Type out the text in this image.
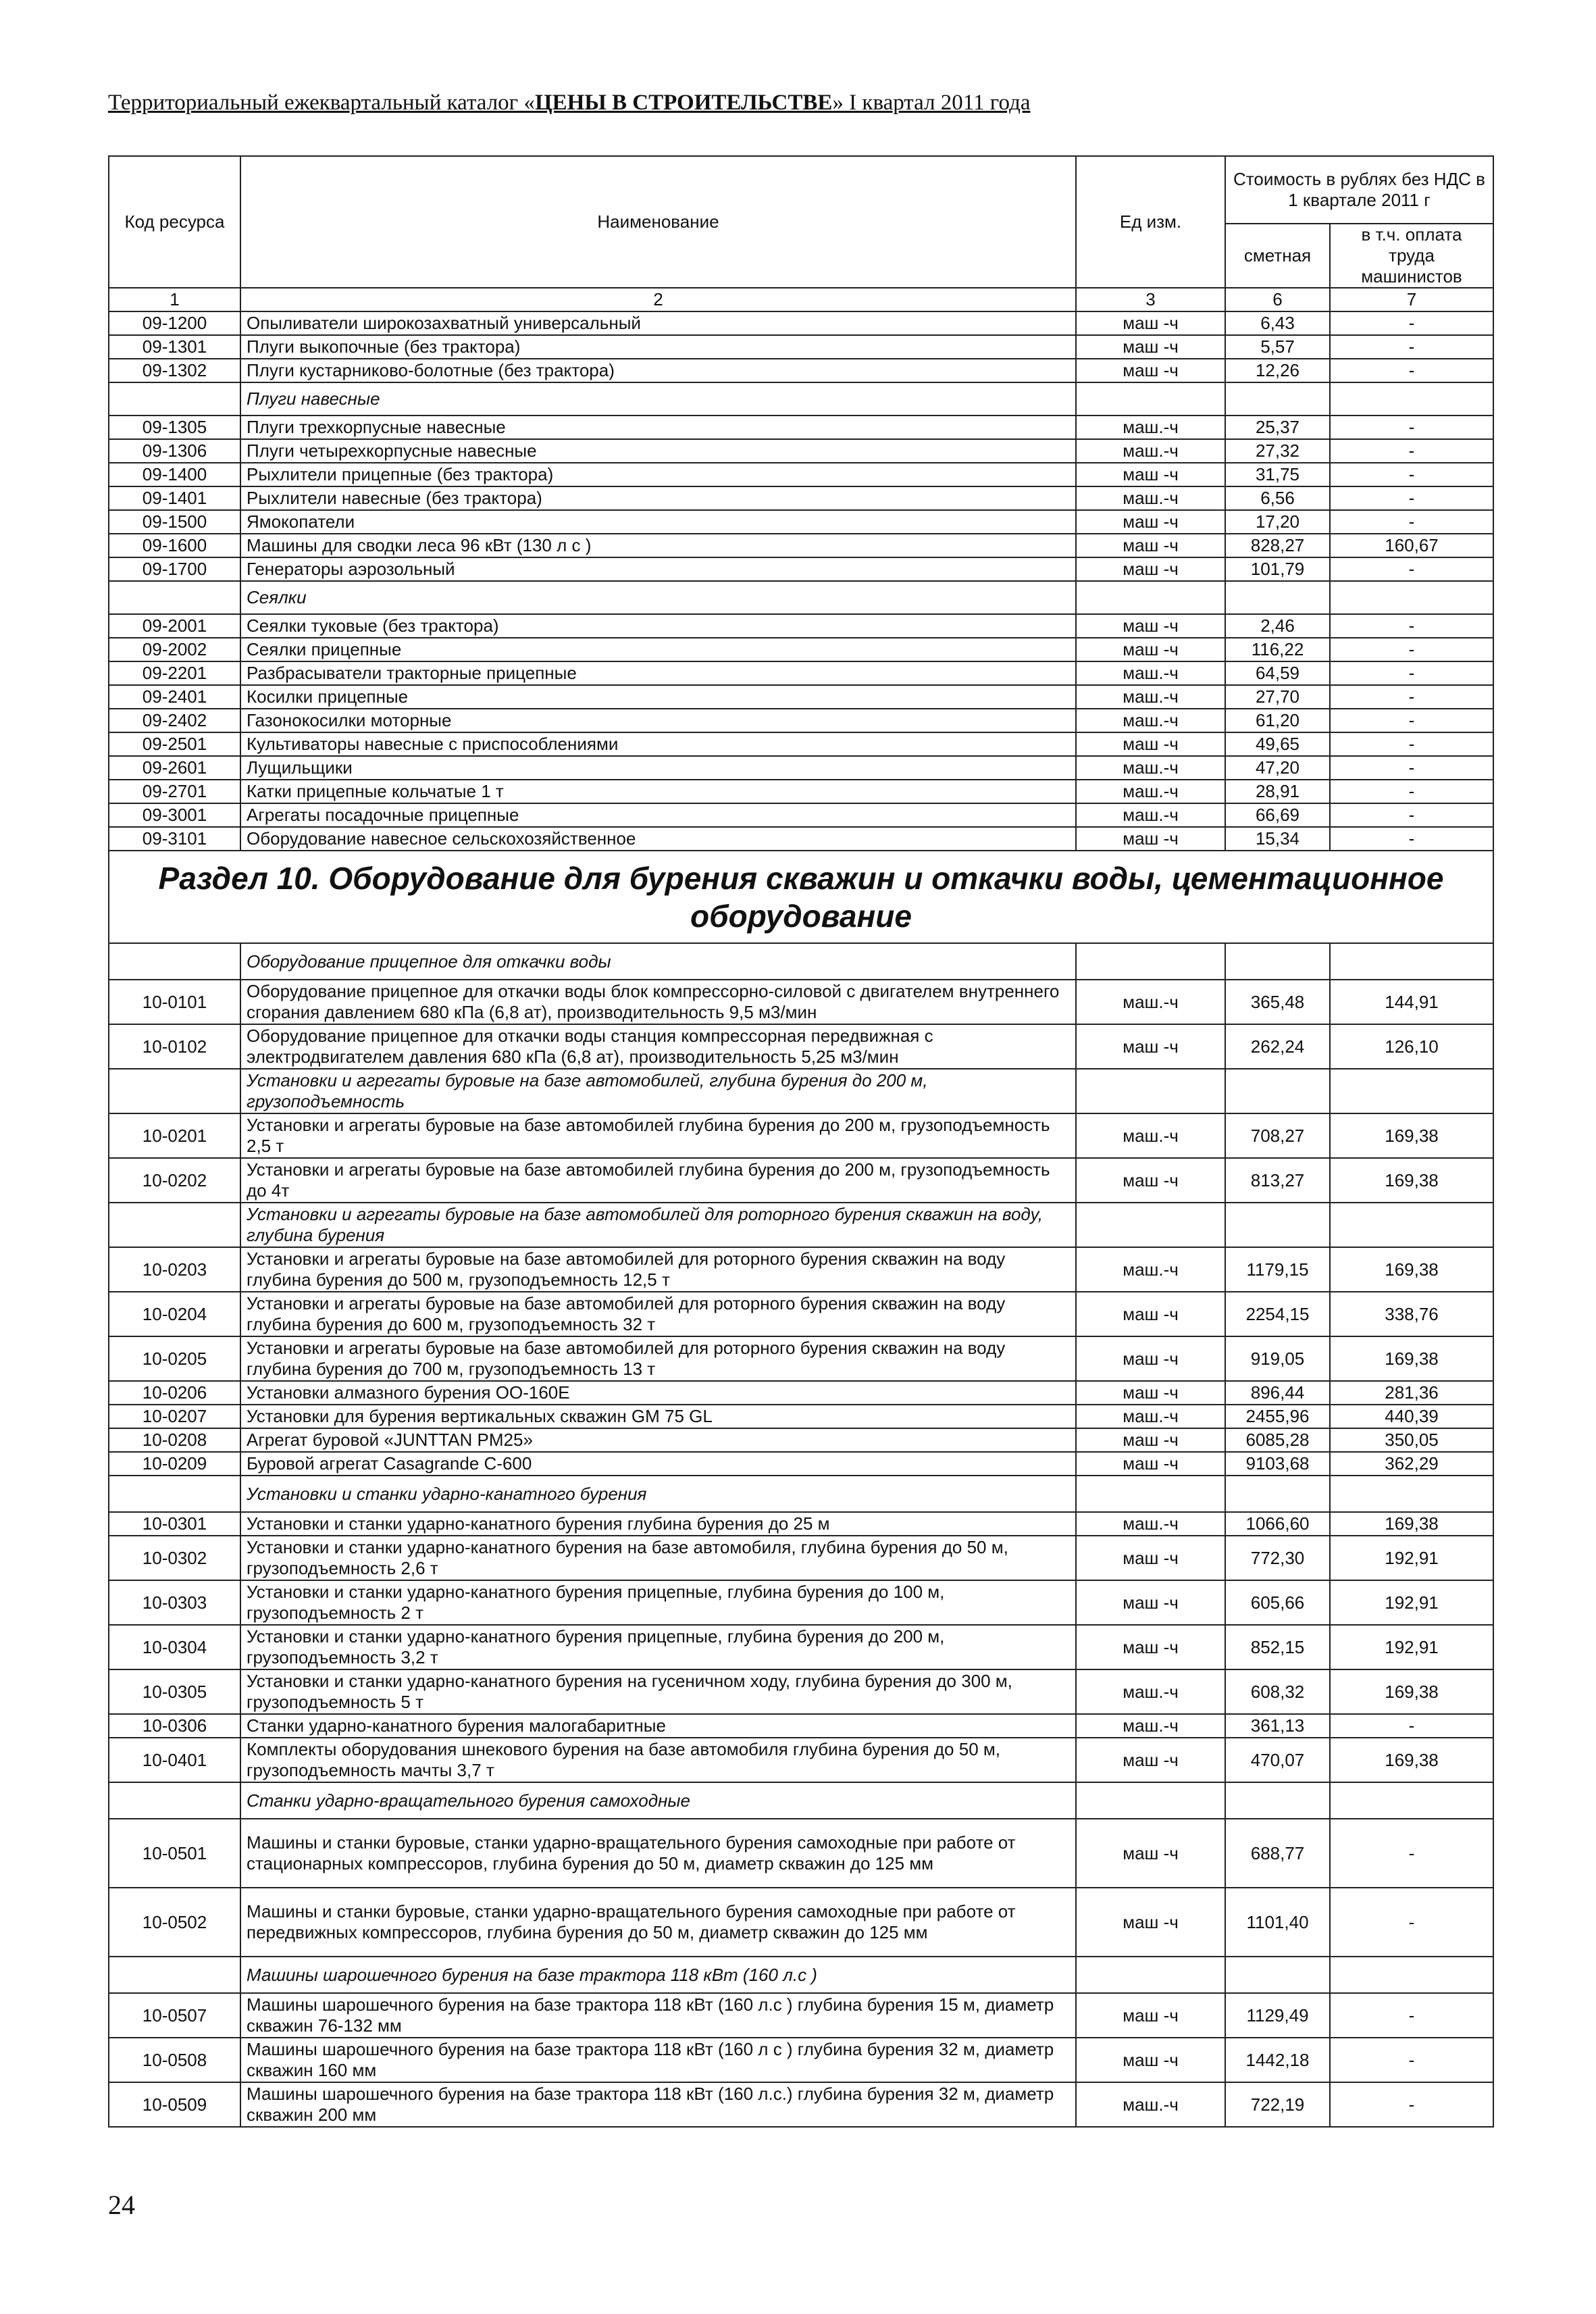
Территориальный ежеквартальный каталог «ЦЕНЫ В СТРОИТЕЛЬСТВЕ» I квартал 2011 года
Код ресурса	Наименование	Ед изм.	Стоимость в рублях без НДС в 1 квартале 2011 г	
			сметная	в т.ч. оплата труда машинистов
1	2	3	6	7
09-1200	Опыливатели широкозахватный универсальный	маш -ч	6,43	-
09-1301	Плуги выкопочные (без трактора)	маш -ч	5,57	-
09-1302	Плуги кустарниково-болотные (без трактора)	маш -ч	12,26	-
	Плуги навесные			
09-1305	Плуги трехкорпусные навесные	маш.-ч	25,37	-
09-1306	Плуги четырехкорпусные навесные	маш.-ч	27,32	-
09-1400	Рыхлители прицепные (без трактора)	маш -ч	31,75	-
09-1401	Рыхлители навесные (без трактора)	маш.-ч	6,56	-
09-1500	Ямокопатели	маш -ч	17,20	-
09-1600	Машины для сводки леса 96 кВт (130 л с )	маш -ч	828,27	160,67
09-1700	Генераторы аэрозольный	маш -ч	101,79	-
	Сеялки			
09-2001	Сеялки туковые (без трактора)	маш -ч	2,46	-
09-2002	Сеялки прицепные	маш -ч	116,22	-
09-2201	Разбрасыватели тракторные прицепные	маш.-ч	64,59	-
09-2401	Косилки прицепные	маш.-ч	27,70	-
09-2402	Газонокосилки моторные	маш.-ч	61,20	-
09-2501	Культиваторы навесные с приспособлениями	маш -ч	49,65	-
09-2601	Лущильщики	маш.-ч	47,20	-
09-2701	Катки прицепные кольчатые 1 т	маш.-ч	28,91	-
09-3001	Агрегаты посадочные прицепные	маш.-ч	66,69	-
09-3101	Оборудование навесное сельскохозяйственное	маш -ч	15,34	-
Раздел 10. Оборудование для бурения скважин и откачки воды, цементационное оборудование				
	Оборудование прицепное для откачки воды			
10-0101	Оборудование прицепное для откачки воды блок компрессорно-силовой с двигателем внутреннего сгорания давлением 680 кПа (6,8 ат), производительность 9,5 м3/мин	маш.-ч	365,48	144,91
10-0102	Оборудование прицепное для откачки воды станция компрессорная передвижная с электродвигателем давления 680 кПа (6,8 ат), производительность 5,25 м3/мин	маш -ч	262,24	126,10
	Установки и агрегаты буровые на базе автомобилей, глубина бурения до 200 м, грузоподъемность			
10-0201	Установки и агрегаты буровые на базе автомобилей глубина бурения до 200 м, грузоподъемность 2,5 т	маш.-ч	708,27	169,38
10-0202	Установки и агрегаты буровые на базе автомобилей глубина бурения до 200 м, грузоподъемность до 4т	маш -ч	813,27	169,38
	Установки и агрегаты буровые на базе автомобилей для роторного бурения скважин на воду, глубина бурения			
10-0203	Установки и агрегаты буровые на базе автомобилей для роторного бурения скважин на воду глубина бурения до 500 м, грузоподъемность 12,5 т	маш.-ч	1179,15	169,38
10-0204	Установки и агрегаты буровые на базе автомобилей для роторного бурения скважин на воду глубина бурения до 600 м, грузоподъемность 32 т	маш -ч	2254,15	338,76
10-0205	Установки и агрегаты буровые на базе автомобилей для роторного бурения скважин на воду глубина бурения до 700 м, грузоподъемность 13 т	маш -ч	919,05	169,38
10-0206	Установки алмазного бурения ОО-160Е	маш -ч	896,44	281,36
10-0207	Установки для бурения вертикальных скважин GM 75 GL	маш.-ч	2455,96	440,39
10-0208	Агрегат буровой «JUNTTAN PM25»	маш -ч	6085,28	350,05
10-0209	Буровой агрегат Casagrande C-600	маш -ч	9103,68	362,29
	Установки и станки ударно-канатного бурения			
10-0301	Установки и станки ударно-канатного бурения глубина бурения до 25 м	маш.-ч	1066,60	169,38
10-0302	Установки и станки ударно-канатного бурения на базе автомобиля, глубина бурения до 50 м, грузоподъемность 2,6 т	маш -ч	772,30	192,91
10-0303	Установки и станки ударно-канатного бурения прицепные, глубина бурения до 100 м, грузоподъемность 2 т	маш -ч	605,66	192,91
10-0304	Установки и станки ударно-канатного бурения прицепные, глубина бурения до 200 м, грузоподъемность 3,2 т	маш -ч	852,15	192,91
10-0305	Установки и станки ударно-канатного бурения на гусеничном ходу, глубина бурения до 300 м, грузоподъемность 5 т	маш.-ч	608,32	169,38
10-0306	Станки ударно-канатного бурения малогабаритные	маш.-ч	361,13	-
10-0401	Комплекты оборудования шнекового бурения на базе автомобиля глубина бурения до 50 м, грузоподъемность мачты 3,7 т	маш -ч	470,07	169,38
	Станки ударно-вращательного бурения самоходные			
10-0501	Машины и станки буровые, станки ударно-вращательного бурения самоходные при работе от стационарных компрессоров, глубина бурения до 50 м, диаметр скважин до 125 мм	маш -ч	688,77	-
10-0502	Машины и станки буровые, станки ударно-вращательного бурения самоходные при работе от передвижных компрессоров, глубина бурения до 50 м, диаметр скважин до 125 мм	маш -ч	1101,40	-
	Машины шарошечного бурения на базе трактора 118 кВт (160 л.с )			
10-0507	Машины шарошечного бурения на базе трактора 118 кВт (160 л.с ) глубина бурения 15 м, диаметр скважин 76-132 мм	маш -ч	1129,49	-
10-0508	Машины шарошечного бурения на базе трактора 118 кВт (160 л с ) глубина бурения 32 м, диаметр скважин 160 мм	маш -ч	1442,18	-
10-0509	Машины шарошечного бурения на базе трактора 118 кВт (160 л.с.) глубина бурения 32 м, диаметр скважин 200 мм	маш.-ч	722,19	-
24
